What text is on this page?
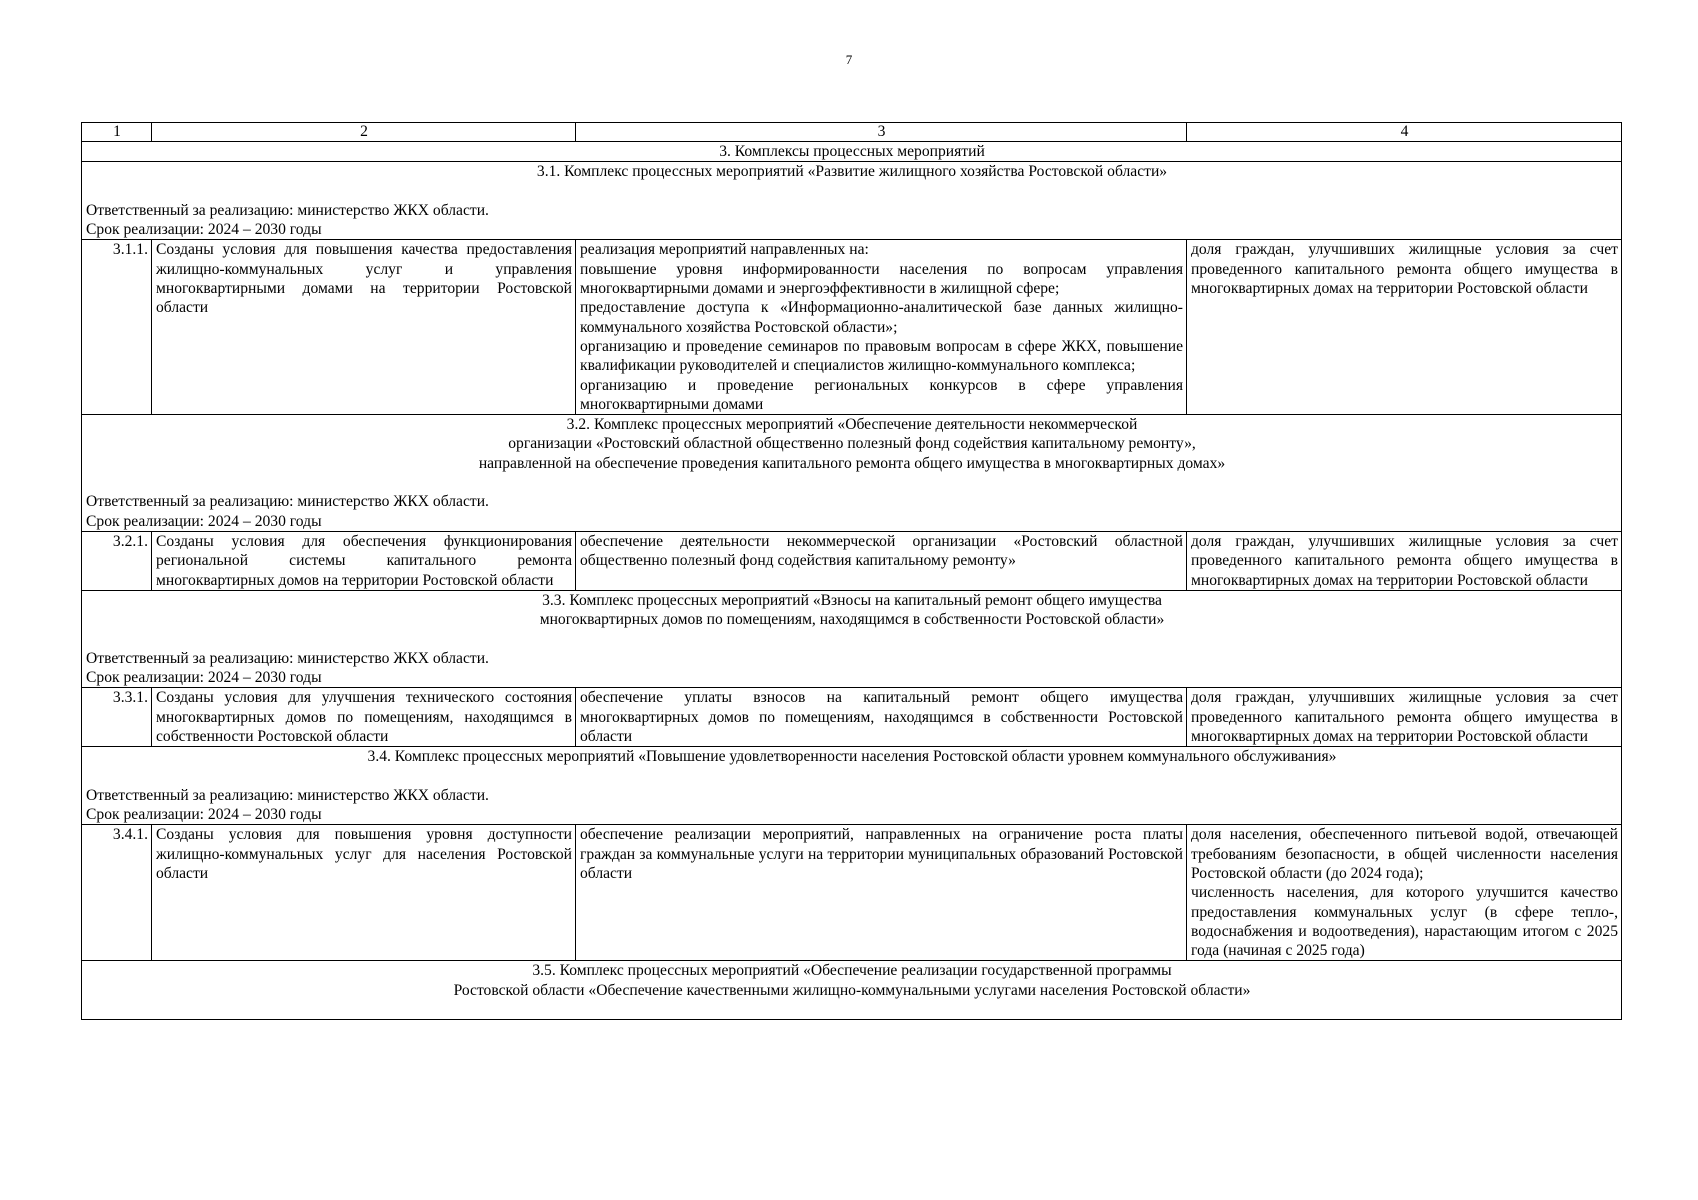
7
1	2	3	4
3. Комплексы процессных мероприятий			

3.1. Комплекс процессных мероприятий «Развитие жилищного хозяйства Ростовской области»
Ответственный за реализацию: министерство ЖКХ области.
Срок реализации: 2024 – 2030 годы			

3.1.1.	Созданы условия для повышения качества предоставления жилищно-коммунальных услуг и управления многоквартирными домами на территории Ростовской области	реализация мероприятий направленных на:
повышение уровня информированности населения по вопросам управления многоквартирными домами и энергоэффективности в жилищной сфере;
предоставление доступа к «Информационно-аналитической базе данных жилищно-коммунального хозяйства Ростовской области»;
организацию и проведение семинаров по правовым вопросам в сфере ЖКХ, повышение квалификации руководителей и специалистов жилищно-коммунального комплекса;
организацию и проведение региональных конкурсов в сфере управления многоквартирными домами	доля граждан, улучшивших жилищные условия за счет проведенного капитального ремонта общего имущества в многоквартирных домах на территории Ростовской области

3.2. Комплекс процессных мероприятий «Обеспечение деятельности некоммерческой
организации «Ростовский областной общественно полезный фонд содействия капитальному ремонту»,
направленной на обеспечение проведения капитального ремонта общего имущества в многоквартирных домах»
Ответственный за реализацию: министерство ЖКХ области.
Срок реализации: 2024 – 2030 годы			

3.2.1.	Созданы условия для обеспечения функционирования региональной системы капитального ремонта многоквартирных домов на территории Ростовской области	обеспечение деятельности некоммерческой организации «Ростовский областной общественно полезный фонд содействия капитальному ремонту»	доля граждан, улучшивших жилищные условия за счет проведенного капитального ремонта общего имущества в многоквартирных домах на территории Ростовской области

3.3. Комплекс процессных мероприятий «Взносы на капитальный ремонт общего имущества
многоквартирных домов по помещениям, находящимся в собственности Ростовской области»
Ответственный за реализацию: министерство ЖКХ области.
Срок реализации: 2024 – 2030 годы			

3.3.1.	Созданы условия для улучшения технического состояния многоквартирных домов по помещениям, находящимся в собственности Ростовской области	обеспечение уплаты взносов на капитальный ремонт общего имущества многоквартирных домов по помещениям, находящимся в собственности Ростовской области	доля граждан, улучшивших жилищные условия за счет проведенного капитального ремонта общего имущества в многоквартирных домах на территории Ростовской области

3.4. Комплекс процессных мероприятий «Повышение удовлетворенности населения Ростовской области уровнем коммунального обслуживания»
Ответственный за реализацию: министерство ЖКХ области.
Срок реализации: 2024 – 2030 годы			

3.4.1.	Созданы условия для повышения уровня доступности жилищно-коммунальных услуг для населения Ростовской области	обеспечение реализации мероприятий, направленных на ограничение роста платы граждан за коммунальные услуги на территории муниципальных образований Ростовской области	доля населения, обеспеченного питьевой водой, отвечающей требованиям безопасности, в общей численности населения Ростовской области (до 2024 года);
численность населения, для которого улучшится качество предоставления коммунальных услуг (в сфере тепло-, водоснабжения и водоотведения), нарастающим итогом с 2025 года (начиная с 2025 года)

3.5. Комплекс процессных мероприятий «Обеспечение реализации государственной программы
Ростовской области «Обеспечение качественными жилищно-коммунальными услугами населения Ростовской области»			
